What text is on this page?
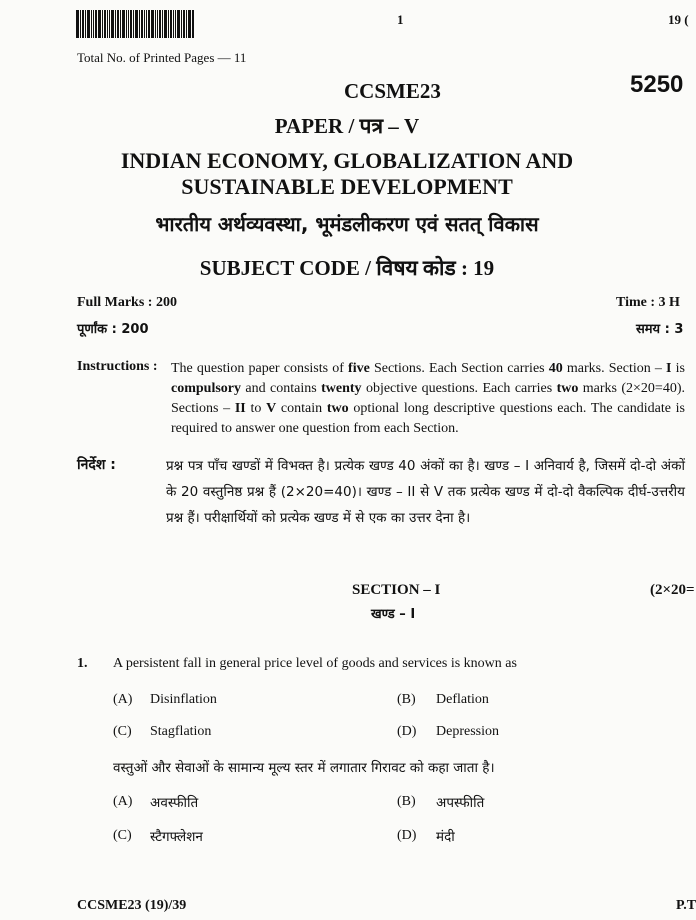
1	19 (
Total No. of Printed Pages — 11
CCSME23	5250
PAPER / पत्र – V
INDIAN ECONOMY, GLOBALIZATION AND
SUSTAINABLE DEVELOPMENT
भारतीय अर्थव्यवस्था, भूमंडलीकरण एवं सतत् विकास
SUBJECT CODE / विषय कोड : 19
Full Marks : 200
पूर्णांक : 200
Time : 3 H
समय : 3
Instructions : The question paper consists of five Sections. Each Section carries 40 marks. Section – I is compulsory and contains twenty objective questions. Each carries two marks (2×20=40). Sections – II to V contain two optional long descriptive questions each. The candidate is required to answer one question from each Section.
निर्देश :	प्रश्न पत्र पाँच खण्डों में विभक्त है। प्रत्येक खण्ड 40 अंकों का है। खण्ड – I अनिवार्य है, जिसमें दो-दो अंकों के 20 वस्तुनिष्ठ प्रश्न हैं (2×20=40)। खण्ड – II से V तक प्रत्येक खण्ड में दो-दो वैकल्पिक दीर्घ-उत्तरीय प्रश्न हैं। परीक्षार्थियों को प्रत्येक खण्ड में से एक का उत्तर देना है।
SECTION – I
खण्ड – I
(2×20=
1. A persistent fall in general price level of goods and services is known as
(A) Disinflation	(B) Deflation
(C) Stagflation	(D) Depression
वस्तुओं और सेवाओं के सामान्य मूल्य स्तर में लगातार गिरावट को कहा जाता है।
(A) अवस्फीति	(B) अपस्फीति
(C) स्टैगफ्लेशन	(D) मंदी
CCSME23 (19)/39	P.T
